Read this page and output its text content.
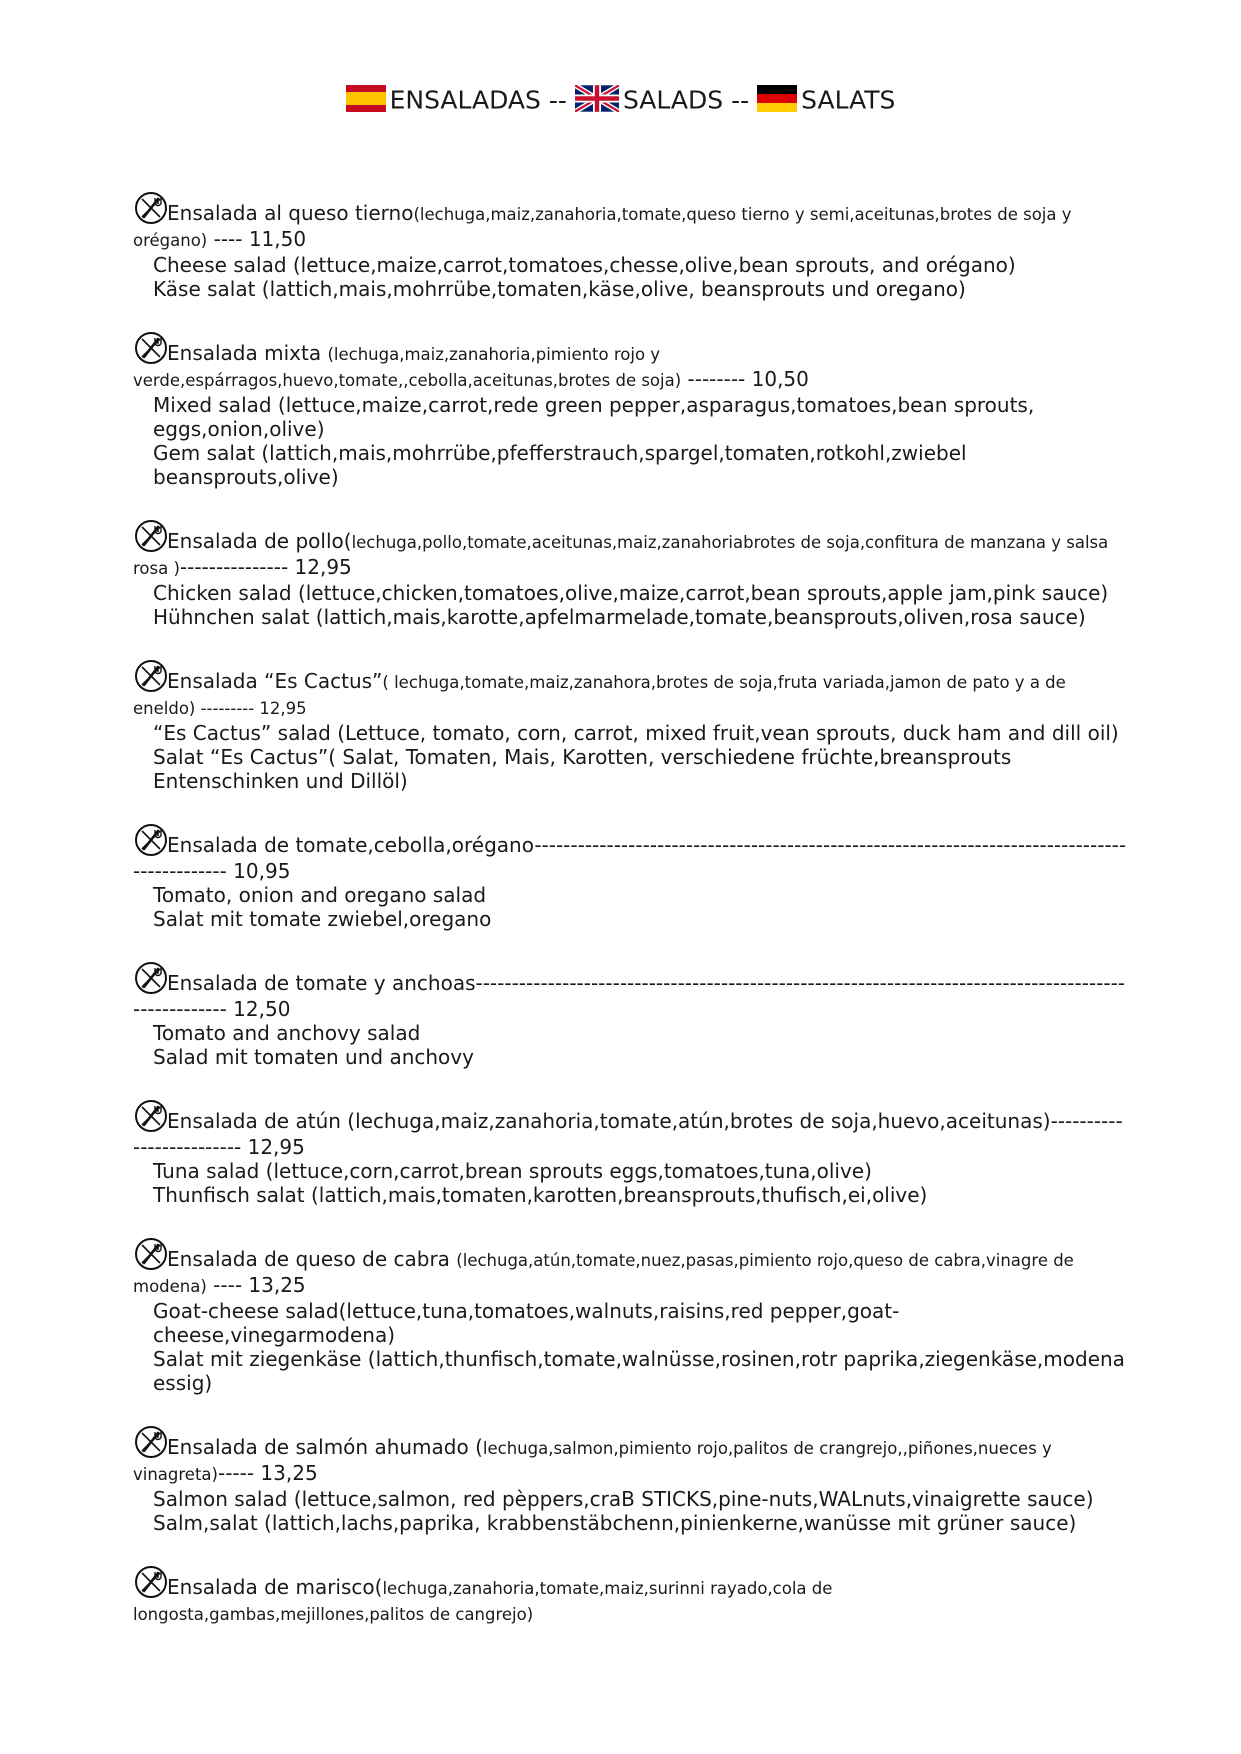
ENSALADAS -- SALADS -- SALATS
Ensalada al queso tierno(lechuga,maiz,zanahoria,tomate,queso tierno y semi,aceitunas,brotes de soja y orégano) ---- 11,50
Cheese salad (lettuce,maize,carrot,tomatoes,chesse,olive,bean sprouts, and orégano)
Käse salat (lattich,mais,mohrrübe,tomaten,käse,olive, beansprouts und oregano)
Ensalada mixta (lechuga,maiz,zanahoria,pimiento rojo y verde,espárragos,huevo,tomate,,cebolla,aceitunas,brotes de soja) -------- 10,50
Mixed salad (lettuce,maize,carrot,rede green pepper,asparagus,tomatoes,bean sprouts, eggs,onion,olive)
Gem salat (lattich,mais,mohrrübe,pfefferstrauch,spargel,tomaten,rotkohl,zwiebel beansprouts,olive)
Ensalada de pollo(lechuga,pollo,tomate,aceitunas,maiz,zanahoriabrotes de soja,confitura de manzana y salsa rosa )--------------- 12,95
Chicken salad (lettuce,chicken,tomatoes,olive,maize,carrot,bean sprouts,apple jam,pink sauce)
Hühnchen salat (lattich,mais,karotte,apfelmarmelade,tomate,beansprouts,oliven,rosa sauce)
Ensalada “Es Cactus”( lechuga,tomate,maiz,zanahora,brotes de soja,fruta variada,jamon de pato y a de eneldo) --------- 12,95
“Es Cactus” salad (Lettuce, tomato, corn, carrot, mixed fruit,vean sprouts, duck ham and dill oil)
Salat “Es Cactus”( Salat, Tomaten, Mais, Karotten, verschiedene früchte,breansprouts Entenschinken und Dillöl)
Ensalada de tomate,cebolla,orégano----------------------------------------------------------------------------------------------- 10,95
Tomato, onion and oregano salad
Salat mit tomate zwiebel,oregano
Ensalada de tomate y anchoas------------------------------------------------------------------------------------------------------- 12,50
Tomato and anchovy salad
Salad mit tomaten und anchovy
Ensalada de atún (lechuga,maiz,zanahoria,tomate,atún,brotes de soja,huevo,aceitunas)------------------------- 12,95
Tuna salad (lettuce,corn,carrot,brean sprouts eggs,tomatoes,tuna,olive)
Thunfisch salat (lattich,mais,tomaten,karotten,breansprouts,thufisch,ei,olive)
Ensalada de queso de cabra (lechuga,atún,tomate,nuez,pasas,pimiento rojo,queso de cabra,vinagre de modena) ---- 13,25
Goat-cheese salad(lettuce,tuna,tomatoes,walnuts,raisins,red pepper,goat-cheese,vinegarmodena)
Salat mit ziegenkäse (lattich,thunfisch,tomate,walnüsse,rosinen,rotr paprika,ziegenkäse,modena essig)
Ensalada de salmón ahumado (lechuga,salmon,pimiento rojo,palitos de crangrejo,,piñones,nueces y vinagreta)----- 13,25
Salmon salad (lettuce,salmon, red pèppers,craB STICKS,pine-nuts,WALnuts,vinaigrette sauce)
Salm,salat (lattich,lachs,paprika, krabbenstäbchenn,pinienkerne,wanüsse mit grüner sauce)
Ensalada de marisco(lechuga,zanahoria,tomate,maiz,surinni rayado,cola de longosta,gambas,mejillones,palitos de cangrejo)
